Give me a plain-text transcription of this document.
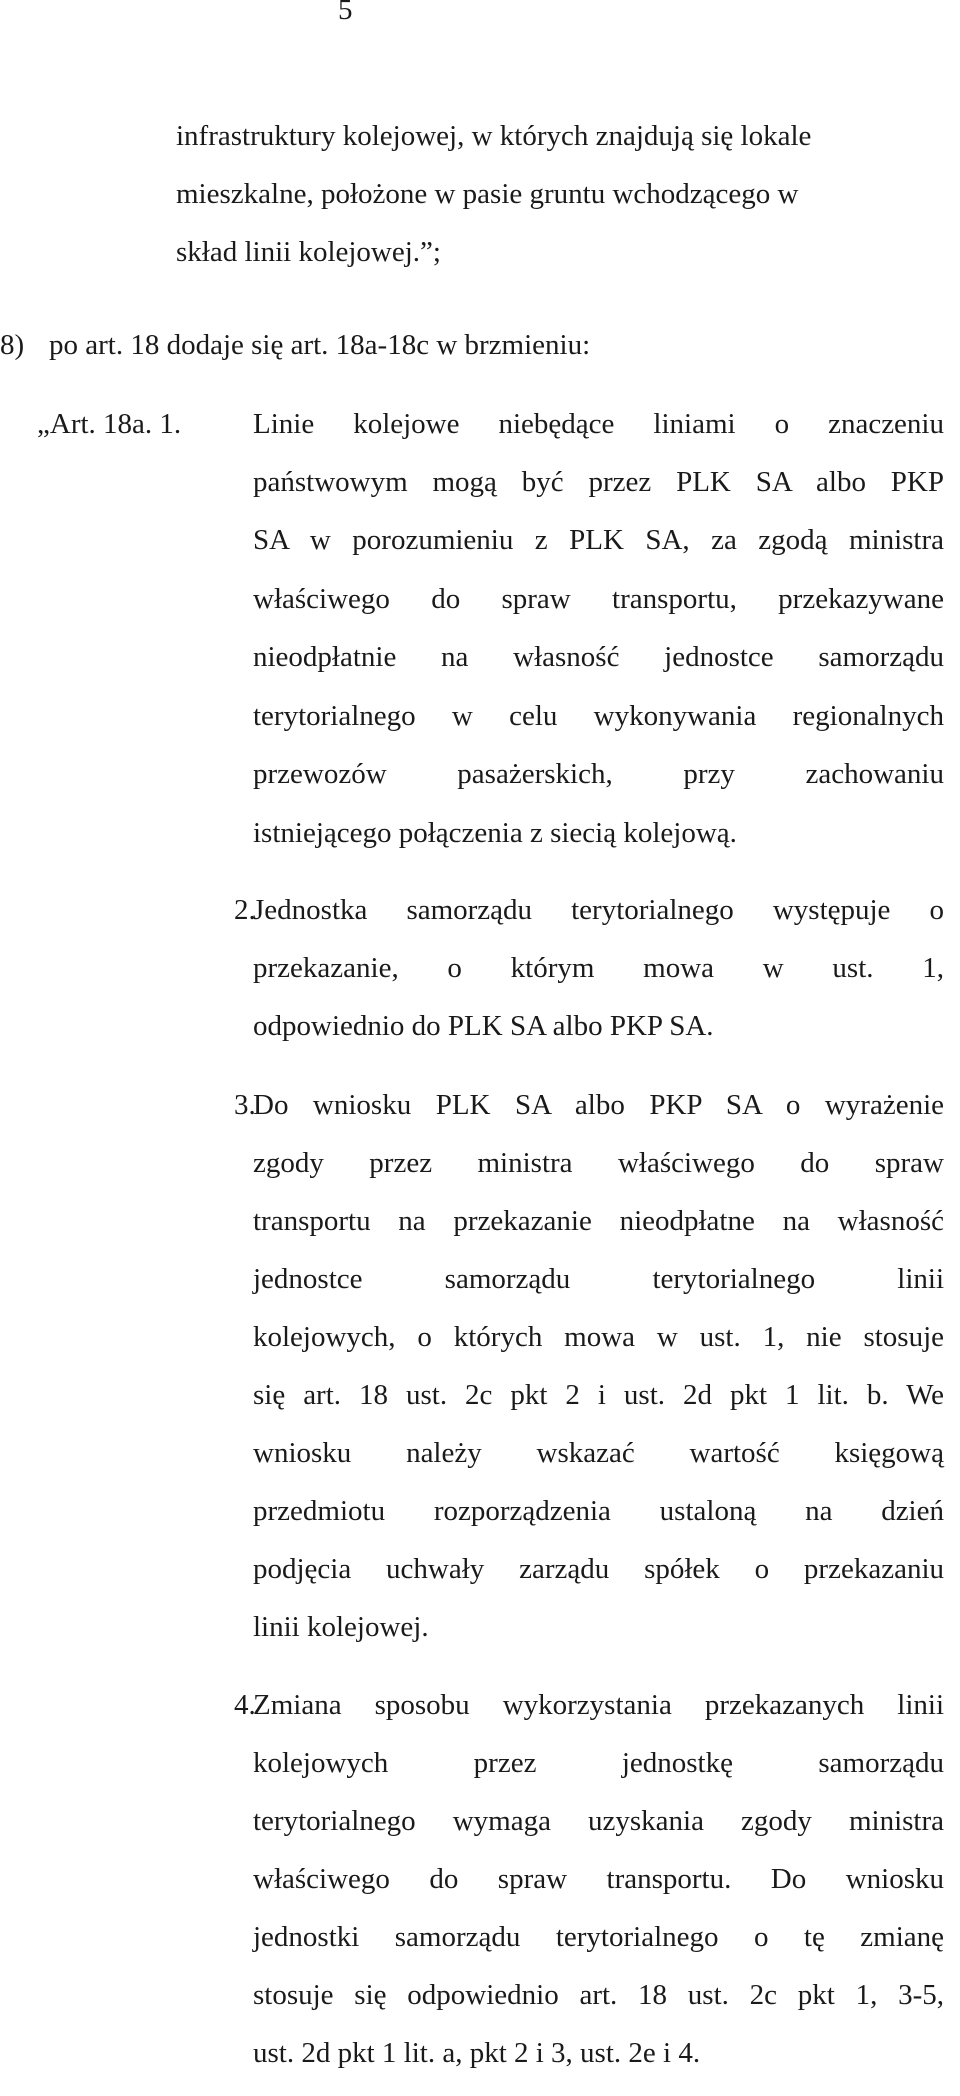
5
infrastruktury kolejowej, w których znajdują się lokale
mieszkalne, położone w pasie gruntu wchodzącego w
skład linii kolejowej.”;
8) po art. 18 dodaje się art. 18a-18c w brzmieniu:
„Art. 18a. 1. Linie kolejowe niebędące liniami o znaczeniu
państwowym mogą być przez PLK SA albo PKP
SA w porozumieniu z PLK SA, za zgodą ministra
właściwego do spraw transportu, przekazywane
nieodpłatnie na własność jednostce samorządu
terytorialnego w celu wykonywania regionalnych
przewozów pasażerskich, przy zachowaniu
istniejącego połączenia z siecią kolejową.
2.
Jednostka samorządu terytorialnego występuje o
przekazanie, o którym mowa w ust. 1,
odpowiednio do PLK SA albo PKP SA.
3.
Do wniosku PLK SA albo PKP SA o wyrażenie
zgody przez ministra właściwego do spraw
transportu na przekazanie nieodpłatne na własność
jednostce samorządu terytorialnego linii
kolejowych, o których mowa w ust. 1, nie stosuje
się art. 18 ust. 2c pkt 2 i ust. 2d pkt 1 lit. b. We
wniosku należy wskazać wartość księgową
przedmiotu rozporządzenia ustaloną na dzień
podjęcia uchwały zarządu spółek o przekazaniu
linii kolejowej.
4.
Zmiana sposobu wykorzystania przekazanych linii
kolejowych przez jednostkę samorządu
terytorialnego wymaga uzyskania zgody ministra
właściwego do spraw transportu. Do wniosku
jednostki samorządu terytorialnego o tę zmianę
stosuje się odpowiednio art. 18 ust. 2c pkt 1, 3-5,
ust. 2d pkt 1 lit. a, pkt 2 i 3, ust. 2e i 4.
